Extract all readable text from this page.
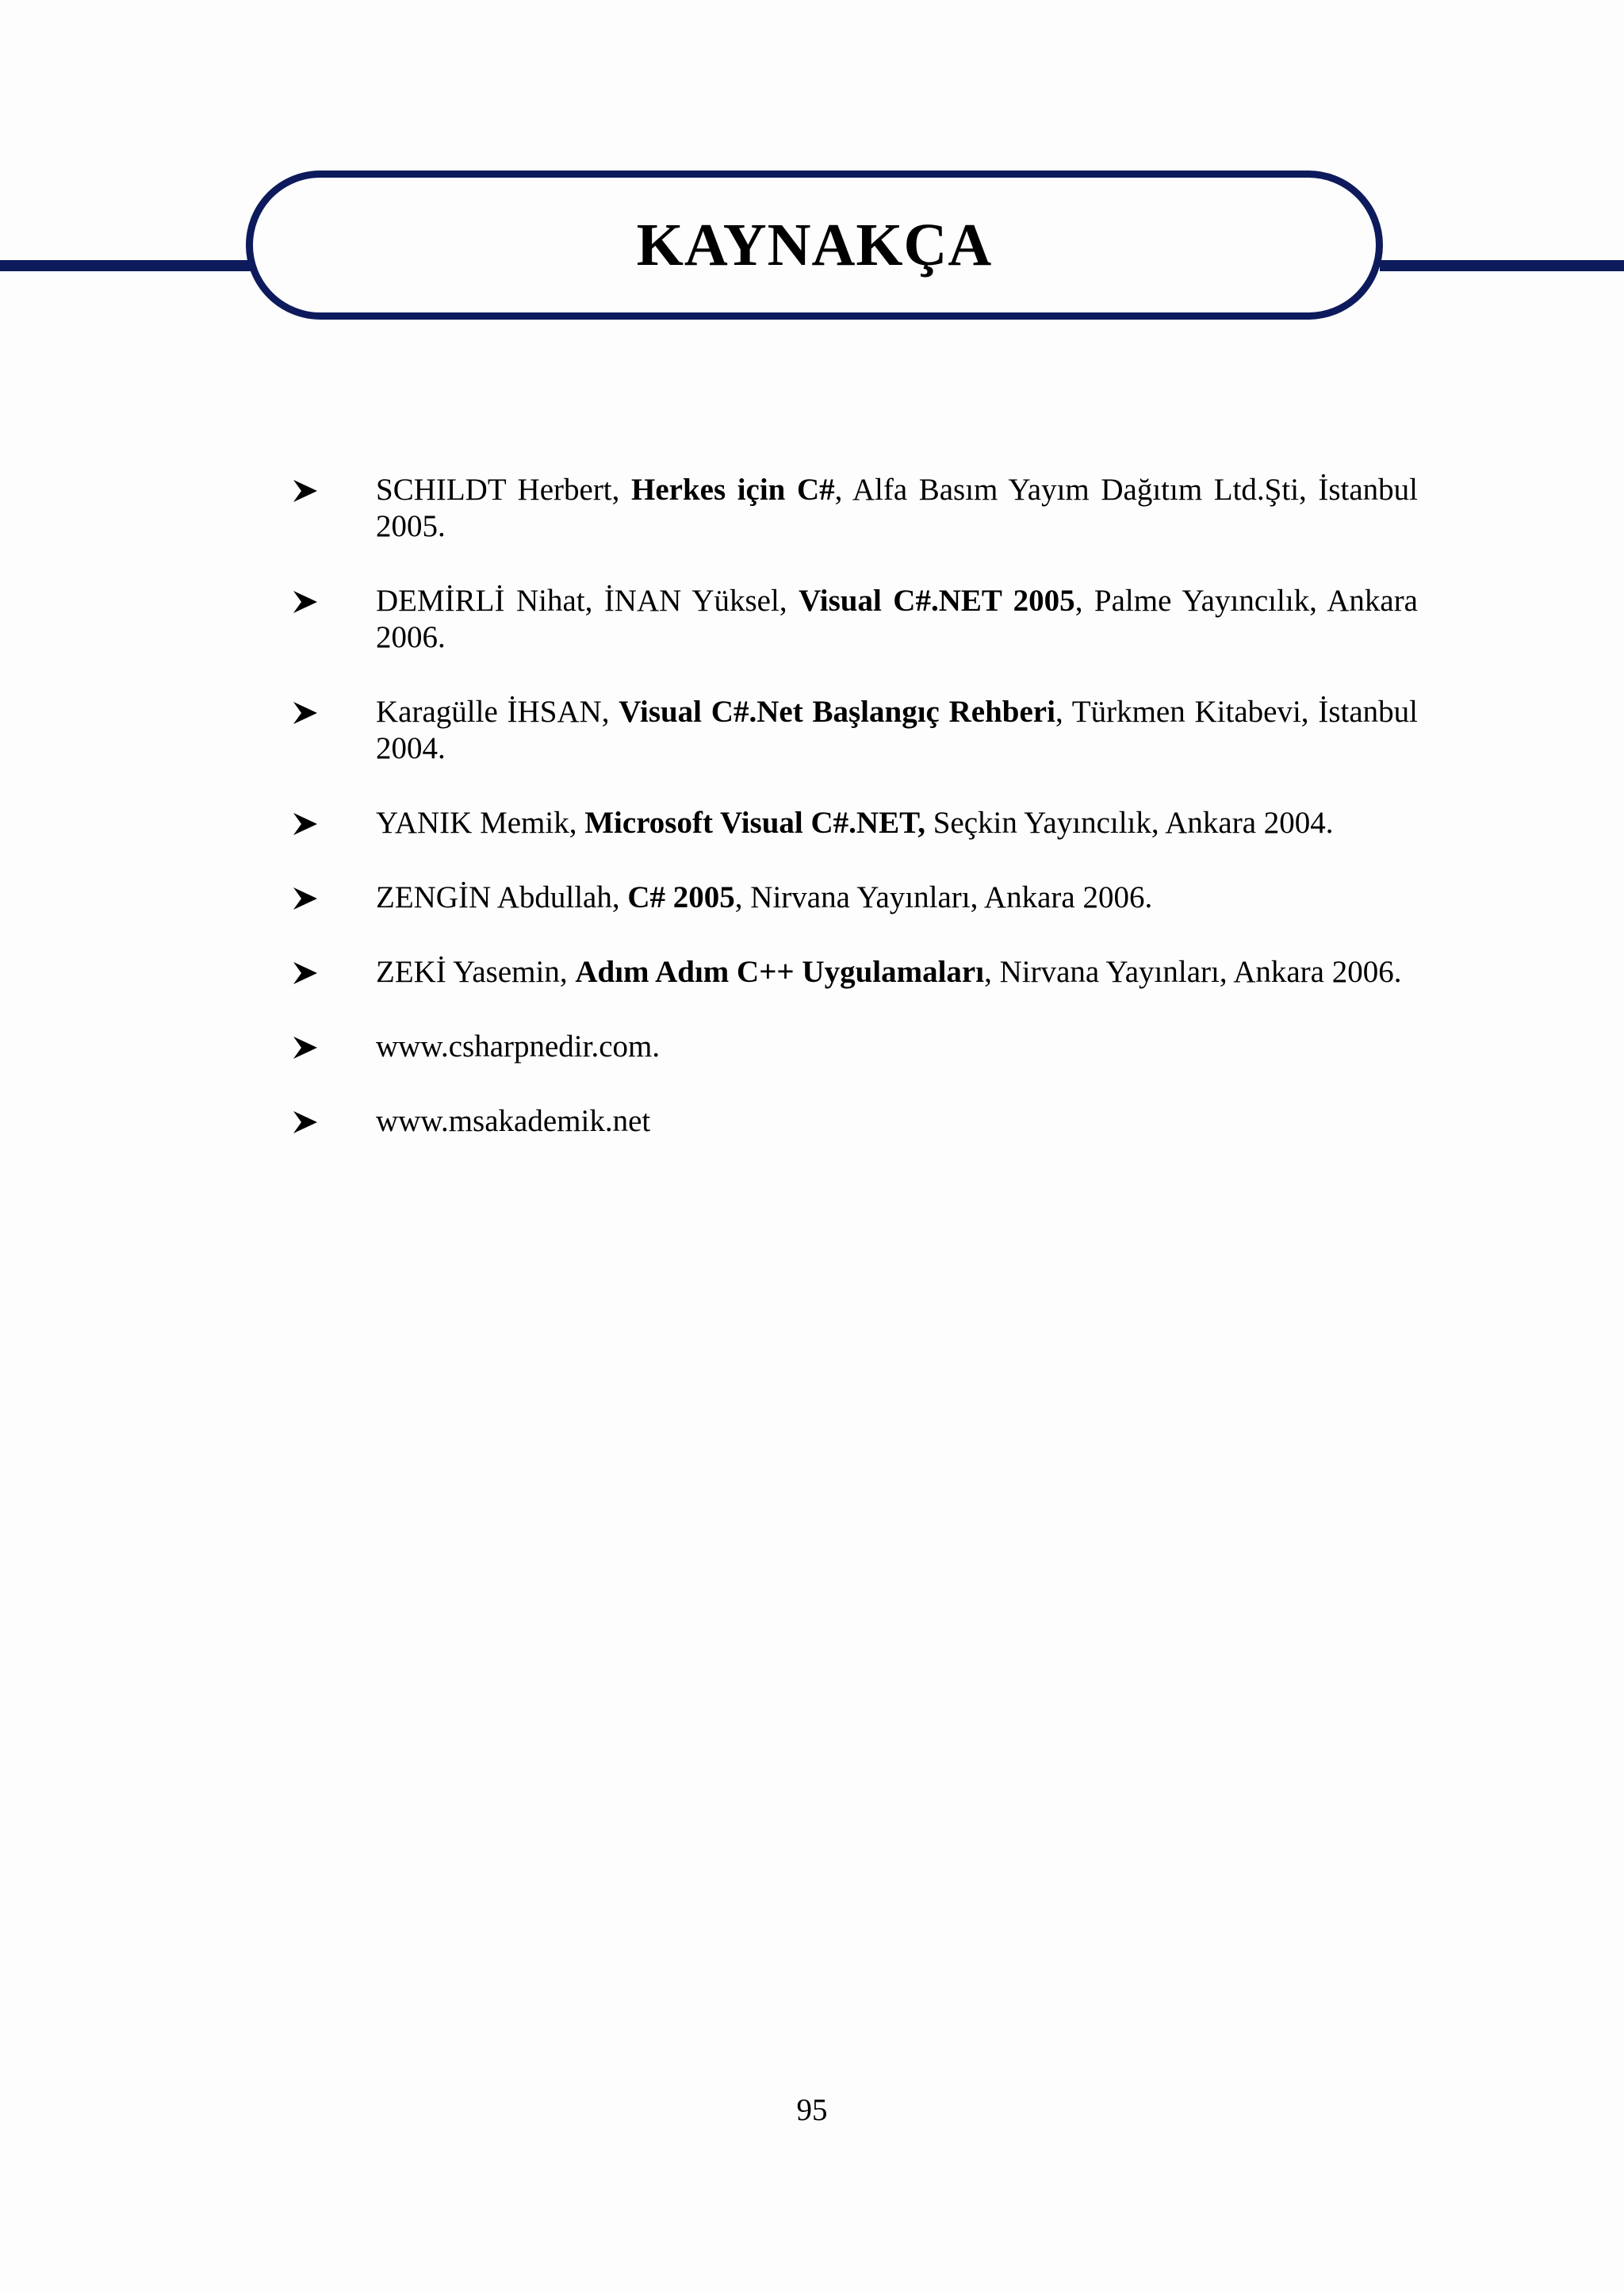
KAYNAKÇA
SCHILDT Herbert, Herkes için C#, Alfa Basım Yayım Dağıtım Ltd.Şti, İstanbul 2005.
DEMİRLİ Nihat, İNAN Yüksel, Visual C#.NET 2005, Palme Yayıncılık, Ankara 2006.
Karagülle İHSAN, Visual C#.Net Başlangıç Rehberi, Türkmen Kitabevi, İstanbul 2004.
YANIK Memik, Microsoft Visual C#.NET, Seçkin Yayıncılık, Ankara 2004.
ZENGİN Abdullah, C# 2005, Nirvana Yayınları, Ankara 2006.
ZEKİ Yasemin, Adım Adım C++ Uygulamaları, Nirvana Yayınları, Ankara 2006.
www.csharpnedir.com.
www.msakademik.net
95
